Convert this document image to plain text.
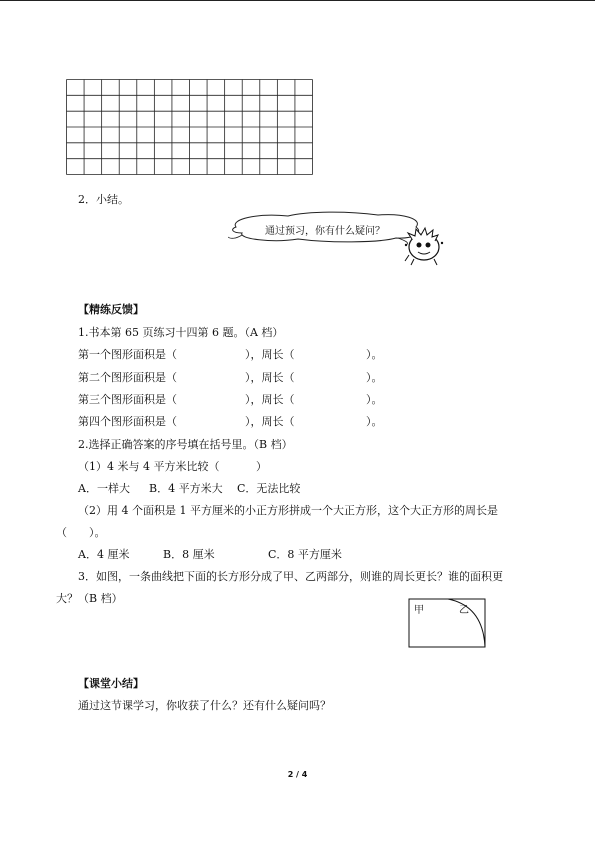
2．小结。
通过预习，你有什么疑问？
【精练反馈】
1.书本第 65 页练习十四第 6 题。（A 档）
第一个图形面积是（	），周长（	）。
第二个图形面积是（	），周长（	）。
第三个图形面积是（	），周长（	）。
第四个图形面积是（	），周长（	）。
2.选择正确答案的序号填在括号里。（B 档）
（1）4 米与 4 平方米比较（	）
A．一样大 B．4 平方米大 C．无法比较
（2）用 4 个面积是 1 平方厘米的小正方形拼成一个大正方形，这个大正方形的周长是
（　　）。
A．4 厘米	B．8 厘米	C．8 平方厘米
3．如图，一条曲线把下面的长方形分成了甲、乙两部分，则谁的周长更长？谁的面积更
大？（B 档）
甲	乙
【课堂小结】
通过这节课学习，你收获了什么？还有什么疑问吗？
2 / 4
